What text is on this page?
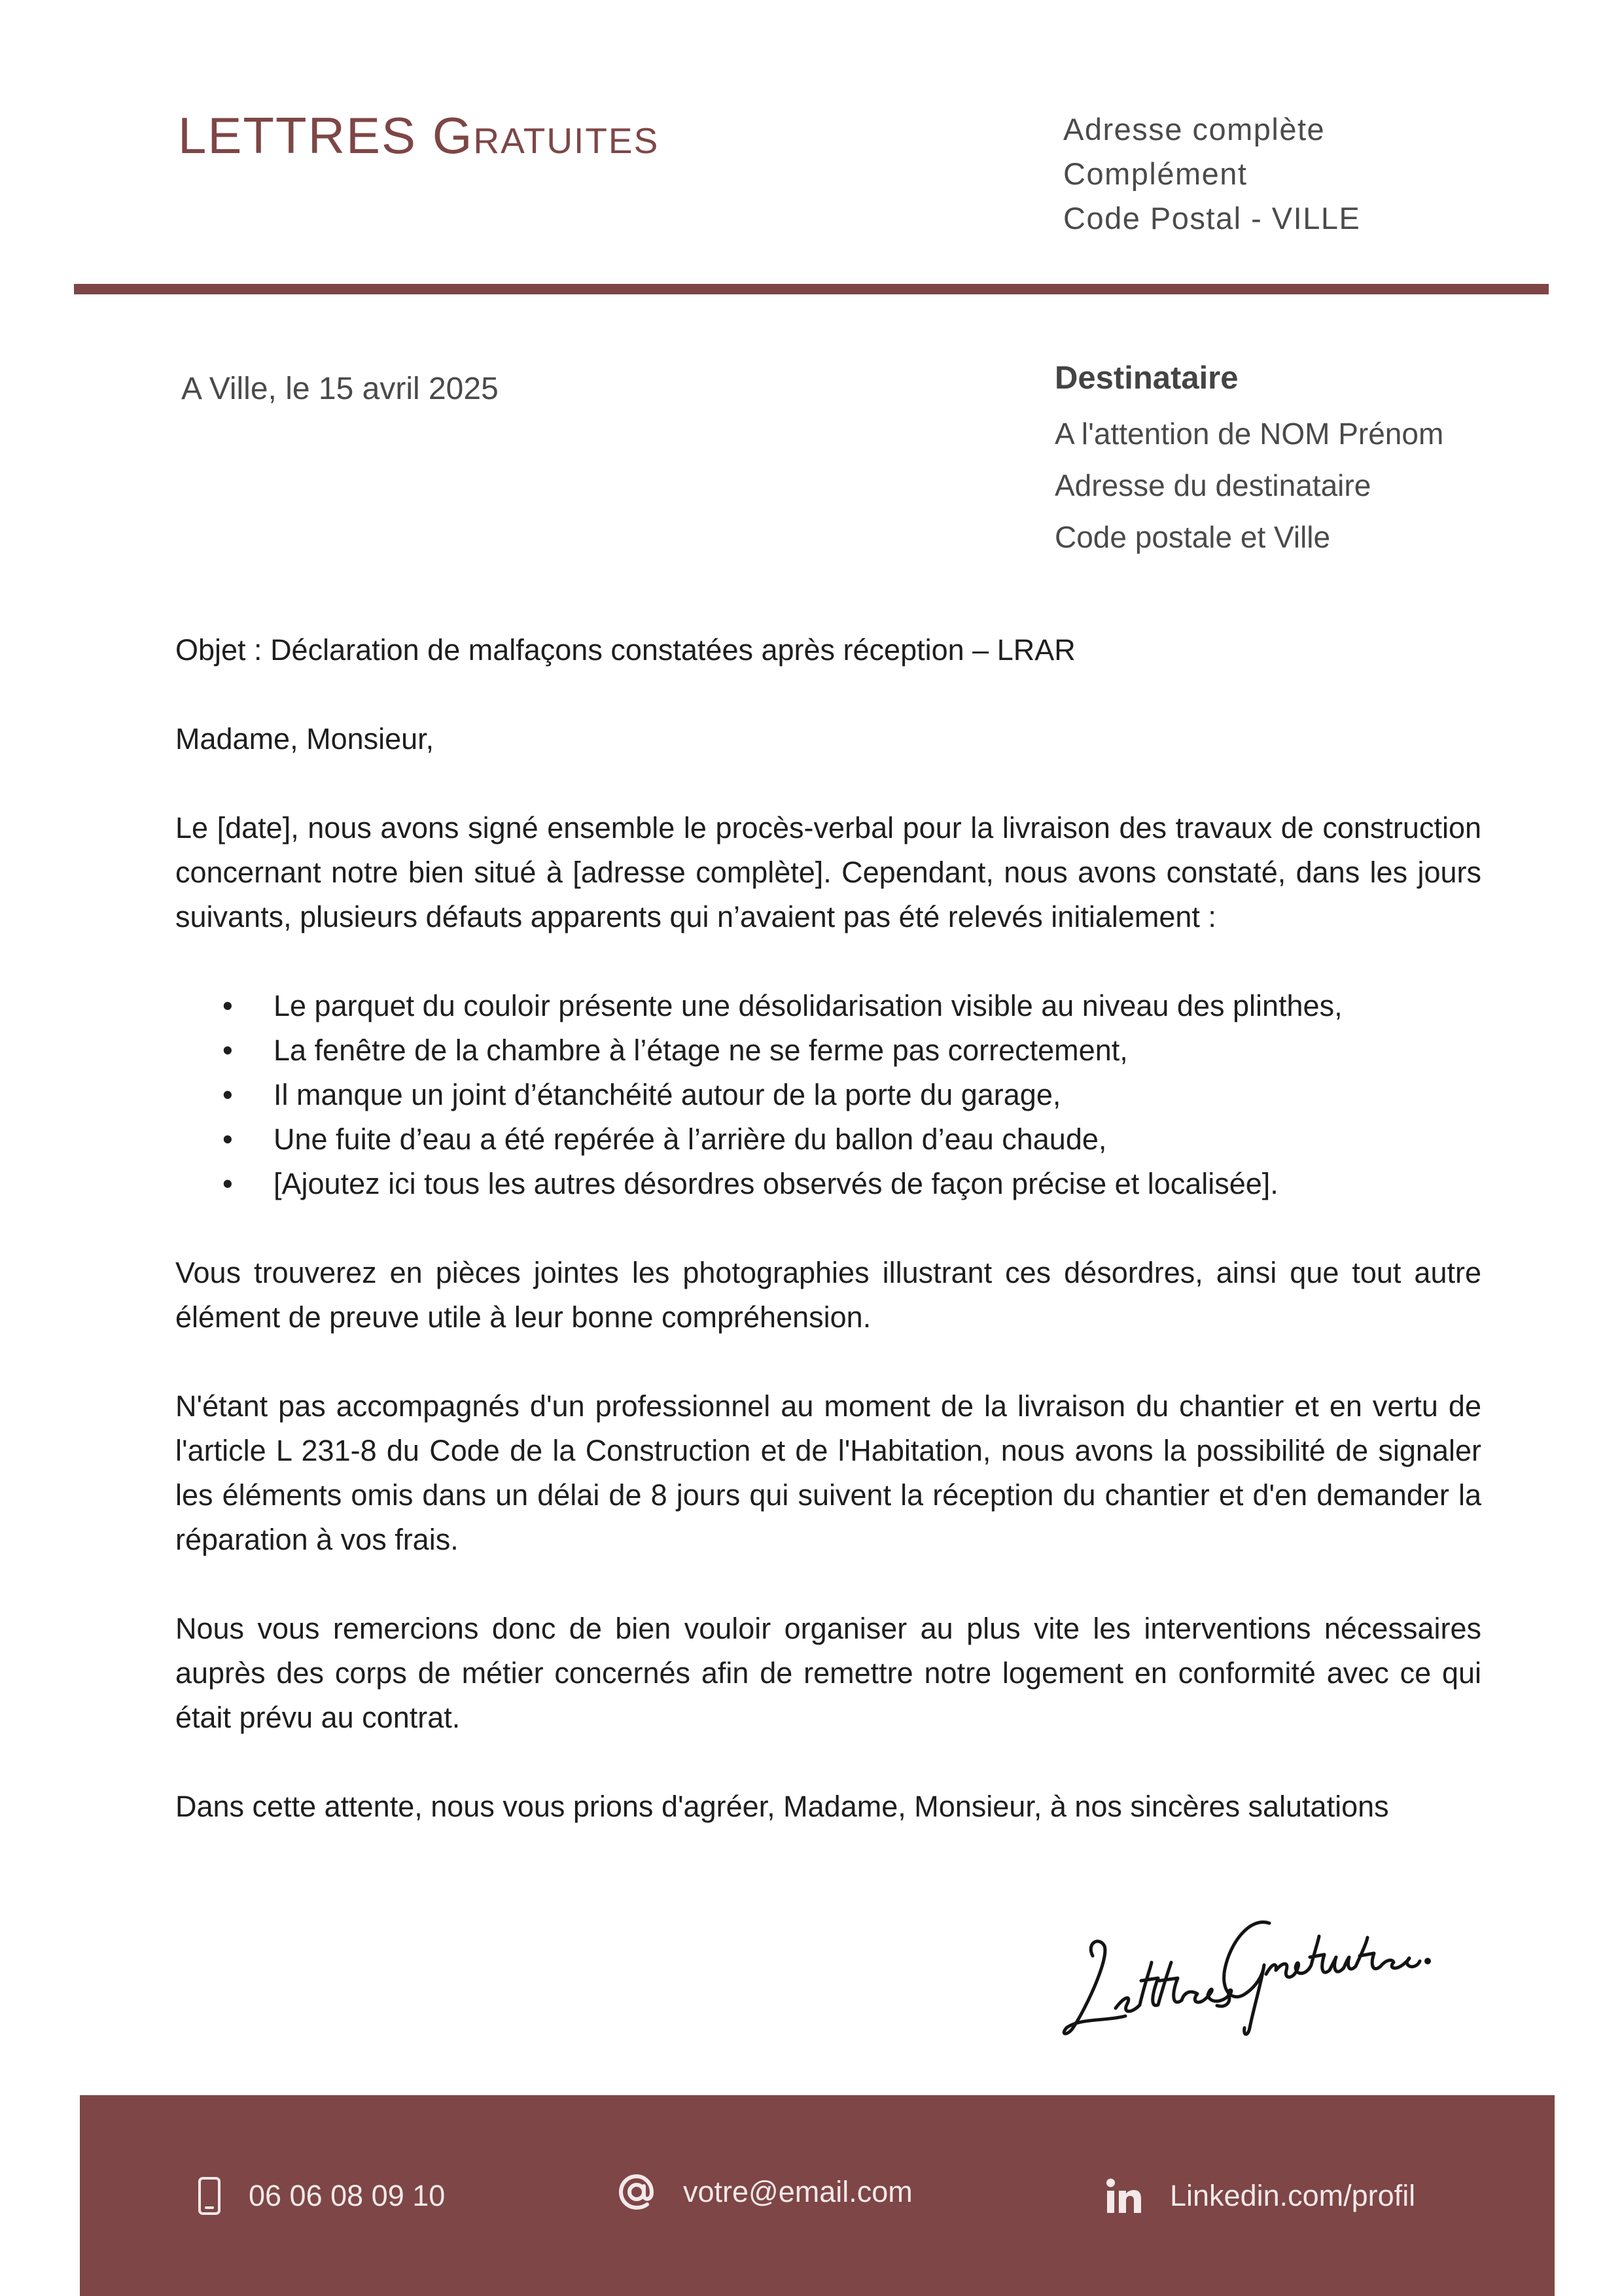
LETTRES Gratuites	Adresse complète
Complément
Code Postal - VILLE
A Ville, le 15 avril 2025	Destinataire
A l'attention de NOM Prénom
Adresse du destinataire
Code postale et Ville

Objet : Déclaration de malfaçons constatées après réception – LRAR

Madame, Monsieur,

Le [date], nous avons signé ensemble le procès-verbal pour la livraison des travaux de construction concernant notre bien situé à [adresse complète]. Cependant, nous avons constaté, dans les jours suivants, plusieurs défauts apparents qui n’avaient pas été relevés initialement :

• Le parquet du couloir présente une désolidarisation visible au niveau des plinthes,
• La fenêtre de la chambre à l’étage ne se ferme pas correctement,
• Il manque un joint d’étanchéité autour de la porte du garage,
• Une fuite d’eau a été repérée à l’arrière du ballon d’eau chaude,
• [Ajoutez ici tous les autres désordres observés de façon précise et localisée].

Vous trouverez en pièces jointes les photographies illustrant ces désordres, ainsi que tout autre élément de preuve utile à leur bonne compréhension.

N'étant pas accompagnés d'un professionnel au moment de la livraison du chantier et en vertu de l'article L 231-8 du Code de la Construction et de l'Habitation, nous avons la possibilité de signaler les éléments omis dans un délai de 8 jours qui suivent la réception du chantier et d'en demander la réparation à vos frais.

Nous vous remercions donc de bien vouloir organiser au plus vite les interventions nécessaires auprès des corps de métier concernés afin de remettre notre logement en conformité avec ce qui était prévu au contrat.

Dans cette attente, nous vous prions d'agréer, Madame, Monsieur, à nos sincères salutations

06 06 08 09 10	votre@email.com	Linkedin.com/profil
